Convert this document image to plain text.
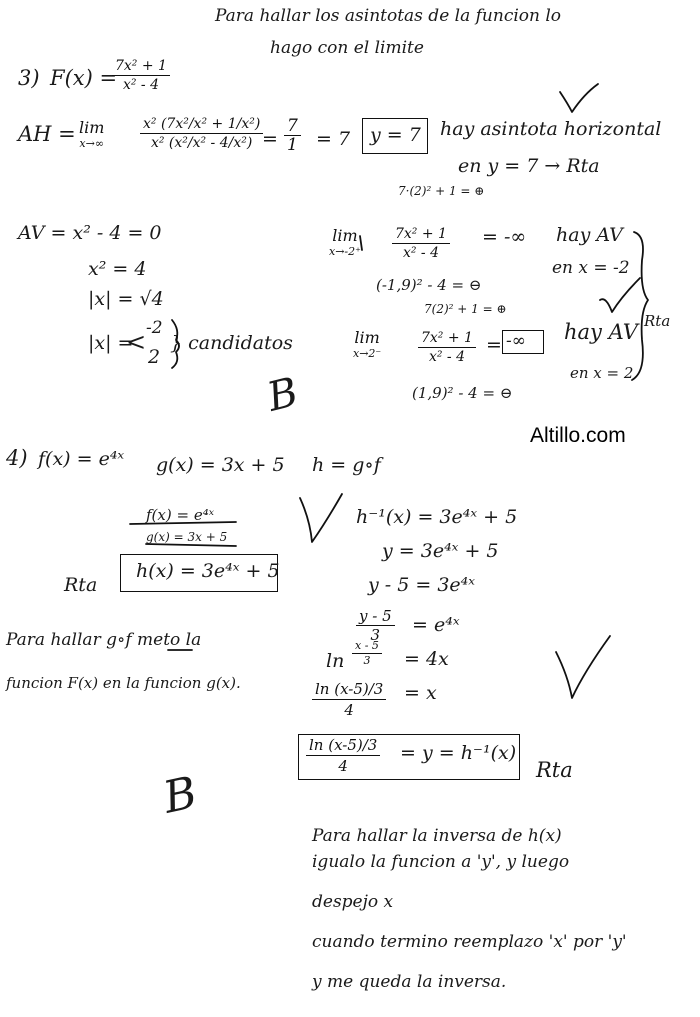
Para hallar los asintotas de la funcion lo
hago con el limite
3) F(x) =
7x² + 1
x² - 4
AH = lim
x→∞
x² (7x²/x² + 1/x²)
x² (x²/x² - 4/x²) =
7
1 = 7 y = 7 hay asintota horizontal
en y = 7 → Rta
7·(2)² + 1 = ⊕
AV = x² - 4 = 0
x² = 4
|x| = √4
|x| =
< -2
2
} candidatos
lim
x→-2⁺
7x² + 1
x² - 4
= -∞ hay AV
en x = -2
(-1,9)² - 4 = ⊖
7(2)² + 1 = ⊕
lim
x→2⁻
7x² + 1
x² - 4
= -∞ hay AV
en x = 2
(1,9)² - 4 = ⊖
Rta
B
Altillo.com
4) f(x) = e⁴ˣ g(x) = 3x + 5 h = g∘f
f(x) = e⁴ˣ
g(x) = 3x + 5
Rta
h(x) = 3e⁴ˣ + 5
h⁻¹(x) = 3e⁴ˣ + 5
y = 3e⁴ˣ + 5
y - 5 = 3e⁴ˣ
y - 5
3 = e⁴ˣ
ln
x - 5
3 = 4x
ln (x-5)/3
4
= x
ln (x-5)/3
4
= y = h⁻¹(x)
Rta
Para hallar g∘f meto la
funcion F(x) en la funcion g(x).
B
Para hallar la inversa de h(x)
igualo la funcion a 'y', y luego
despejo x
cuando termino reemplazo 'x' por 'y'
y me queda la inversa.
